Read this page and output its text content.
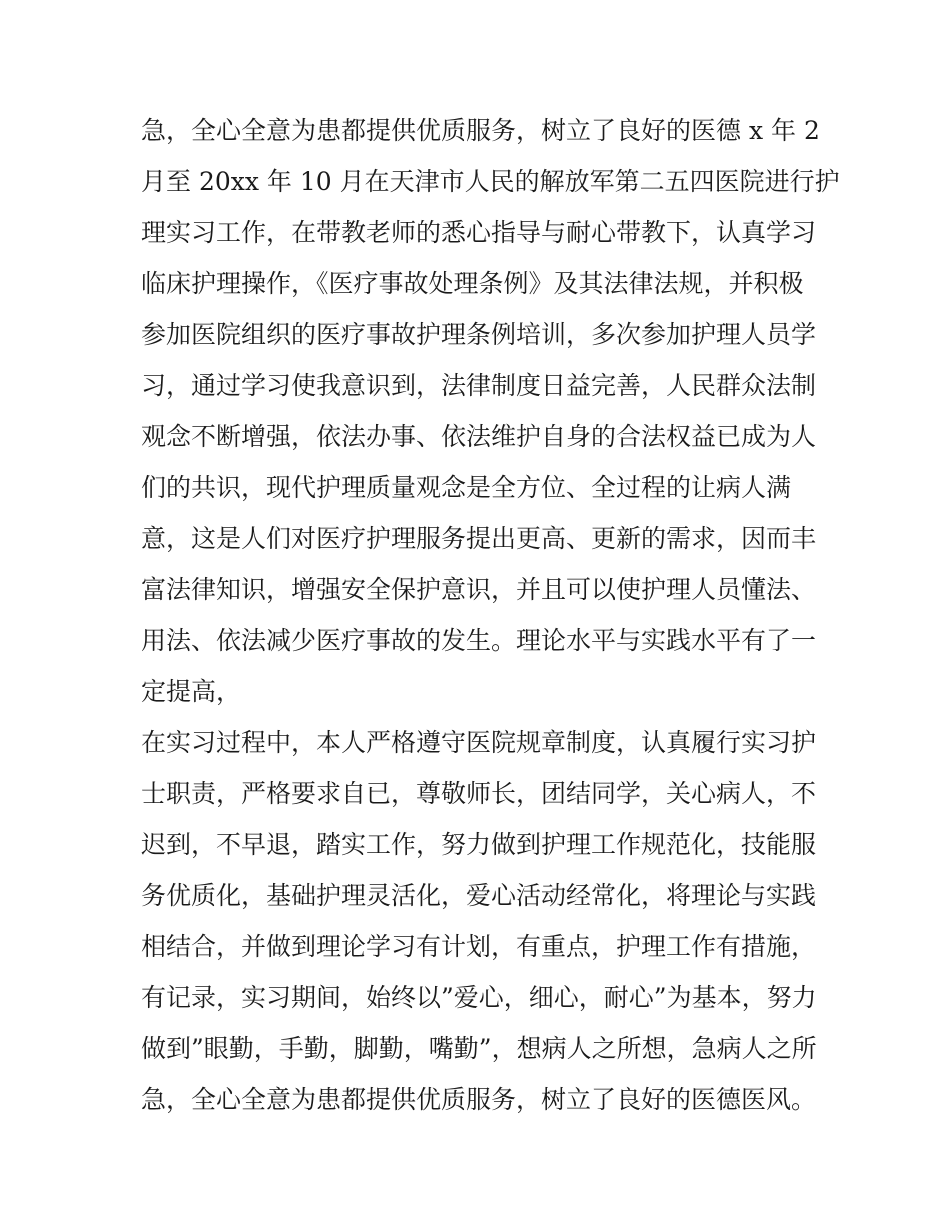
急，全心全意为患都提供优质服务，树立了良好的医德 x 年 2
月至 20xx 年 10 月在天津市人民的解放军第二五四医院进行护
理实习工作，在带教老师的悉心指导与耐心带教下，认真学习
临床护理操作，《医疗事故处理条例》及其法律法规，并积极
参加医院组织的医疗事故护理条例培训，多次参加护理人员学
习，通过学习使我意识到，法律制度日益完善，人民群众法制
观念不断增强，依法办事、依法维护自身的合法权益已成为人
们的共识，现代护理质量观念是全方位、全过程的让病人满
意，这是人们对医疗护理服务提出更高、更新的需求，因而丰
富法律知识，增强安全保护意识，并且可以使护理人员懂法、
用法、依法减少医疗事故的发生。理论水平与实践水平有了一
定提高，
在实习过程中，本人严格遵守医院规章制度，认真履行实习护
士职责，严格要求自已，尊敬师长，团结同学，关心病人，不
迟到，不早退，踏实工作，努力做到护理工作规范化，技能服
务优质化，基础护理灵活化，爱心活动经常化，将理论与实践
相结合，并做到理论学习有计划，有重点，护理工作有措施，
有记录，实习期间，始终以”爱心，细心，耐心”为基本，努力
做到”眼勤，手勤，脚勤，嘴勤”，想病人之所想，急病人之所
急，全心全意为患都提供优质服务，树立了良好的医德医风。
